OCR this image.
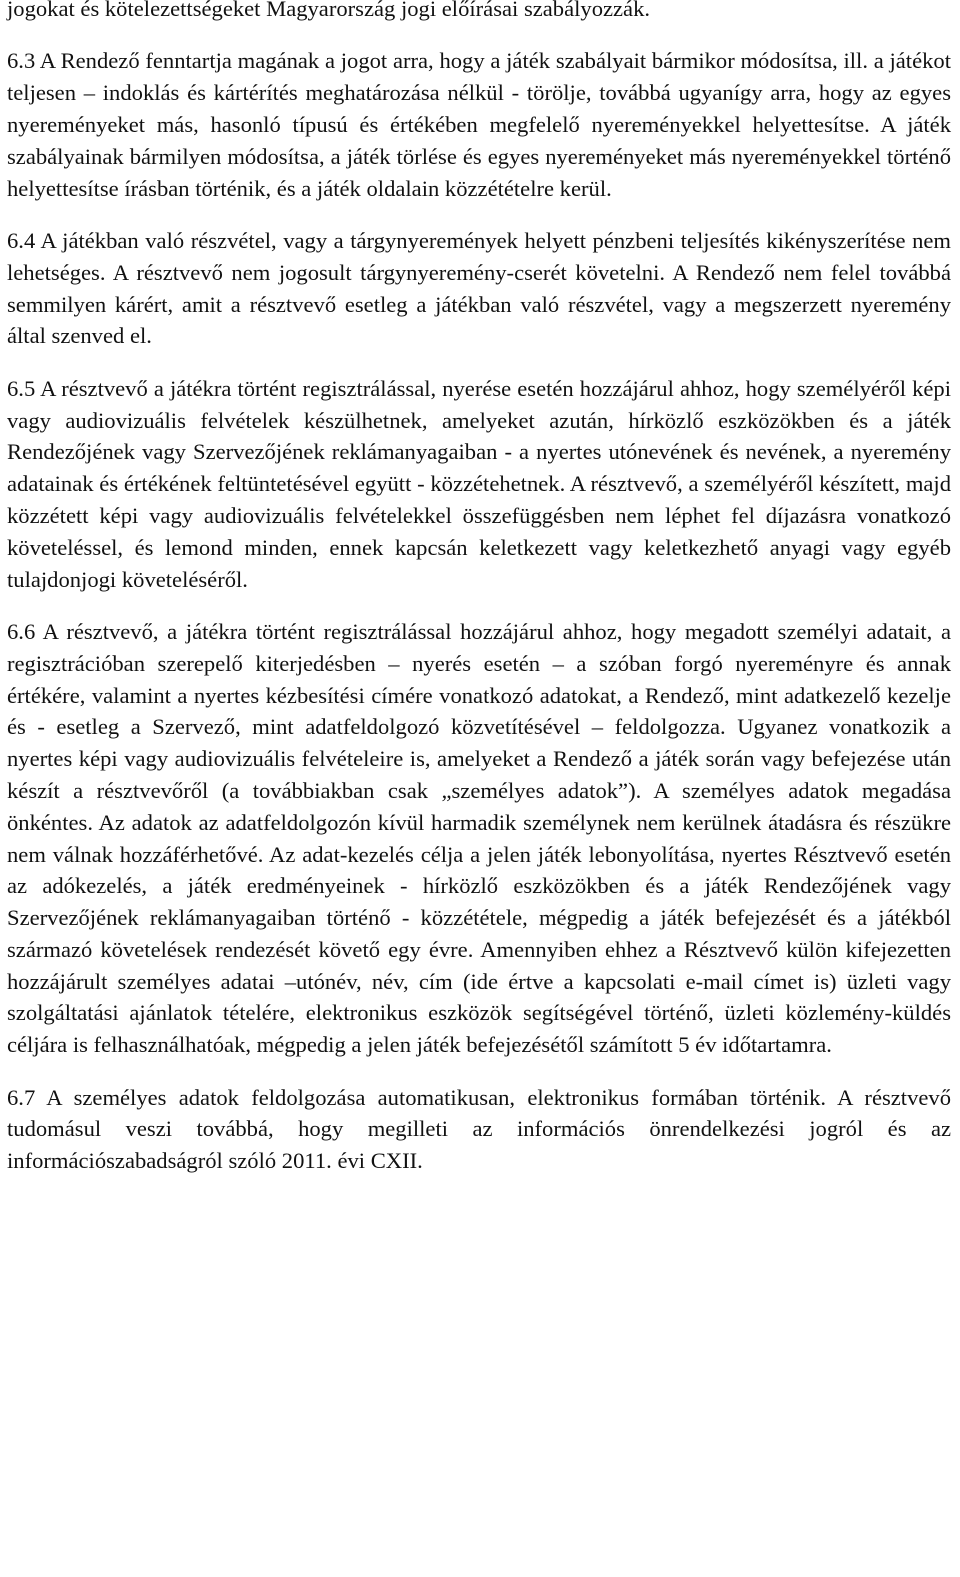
jogokat és kötelezettségeket Magyarország jogi előírásai szabályozzák.

6.3 A Rendező fenntartja magának a jogot arra, hogy a játék szabályait bármikor módosítsa, ill. a játékot teljesen – indoklás és kártérítés meghatározása nélkül - törölje, továbbá ugyanígy arra, hogy az egyes nyereményeket más, hasonló típusú és értékében megfelelő nyereményekkel helyettesítse. A játék szabályainak bármilyen módosítsa, a játék törlése és egyes nyereményeket más nyereményekkel történő helyettesítse írásban történik, és a játék oldalain közzétételre kerül.

6.4 A játékban való részvétel, vagy a tárgynyeremények helyett pénzbeni teljesítés kikényszerítése nem lehetséges. A résztvevő nem jogosult tárgynyeremény-cserét követelni. A Rendező nem felel továbbá semmilyen kárért, amit a résztvevő esetleg a játékban való részvétel, vagy a megszerzett nyeremény által szenved el.

6.5 A résztvevő a játékra történt regisztrálással, nyerése esetén hozzájárul ahhoz, hogy személyéről képi vagy audiovizuális felvételek készülhetnek, amelyeket azután, hírközlő eszközökben és a játék Rendezőjének vagy Szervezőjének reklámanyagaiban - a nyertes utónevének és nevének, a nyeremény adatainak és értékének feltüntetésével együtt - közzétehetnek. A résztvevő, a személyéről készített, majd közzétett képi vagy audiovizuális felvételekkel összefüggésben nem léphet fel díjazásra vonatkozó követeléssel, és lemond minden, ennek kapcsán keletkezett vagy keletkezhető anyagi vagy egyéb tulajdonjogi követeléséről.

6.6 A résztvevő, a játékra történt regisztrálással hozzájárul ahhoz, hogy megadott személyi adatait, a regisztrációban szerepelő kiterjedésben – nyerés esetén – a szóban forgó nyereményre és annak értékére, valamint a nyertes kézbesítési címére vonatkozó adatokat, a Rendező, mint adatkezelő kezelje és - esetleg a Szervező, mint adatfeldolgozó közvetítésével – feldolgozza. Ugyanez vonatkozik a nyertes képi vagy audiovizuális felvételeire is, amelyeket a Rendező a játék során vagy befejezése után készít a résztvevőről (a továbbiakban csak „személyes adatok”). A személyes adatok megadása önkéntes. Az adatok az adatfeldolgozón kívül harmadik személynek nem kerülnek átadásra és részükre nem válnak hozzáférhetővé. Az adat-kezelés célja a jelen játék lebonyolítása, nyertes Résztvevő esetén az adókezelés, a játék eredményeinek - hírközlő eszközökben és a játék Rendezőjének vagy Szervezőjének reklámanyagaiban történő - közzététele, mégpedig a játék befejezését és a játékból származó követelések rendezését követő egy évre. Amennyiben ehhez a Résztvevő külön kifejezetten hozzájárult személyes adatai –utónév, név, cím (ide értve a kapcsolati e-mail címet is) üzleti vagy szolgáltatási ajánlatok tételére, elektronikus eszközök segítségével történő, üzleti közlemény-küldés céljára is felhasználhatóak, mégpedig a jelen játék befejezésétől számított 5 év időtartamra.

6.7 A személyes adatok feldolgozása automatikusan, elektronikus formában történik. A résztvevő tudomásul veszi továbbá, hogy megilleti az információs önrendelkezési jogról és az információszabadságról szóló 2011. évi CXII.
